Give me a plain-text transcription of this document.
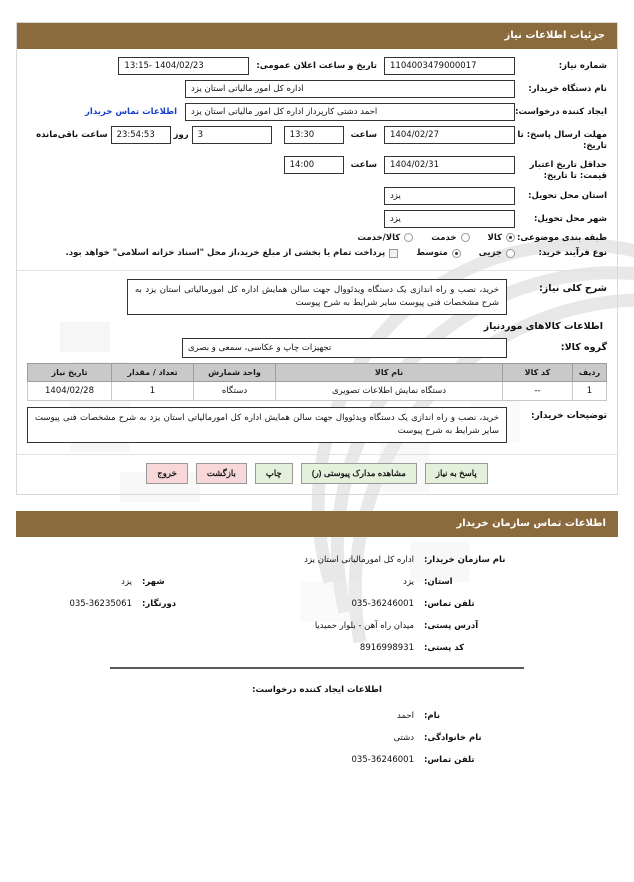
جزئیات اطلاعات نیاز
شماره نیاز:
1104003479000017
تاریخ و ساعت اعلان عمومی:
1404/02/23 -13:15
نام دستگاه خریدار:
اداره کل امور مالیاتی استان یزد
ایجاد کننده درخواست:
احمد دشتی کارپرداز اداره کل امور مالیاتی استان یزد
اطلاعات تماس خریدار
مهلت ارسال پاسخ: تا تاریخ:
1404/02/27
ساعت
13:30
3
روز
23:54:53
ساعت باقی‌مانده
حداقل تاریخ اعتبار قیمت: تا تاریخ:
1404/02/31
ساعت
14:00
استان محل تحویل:
یزد
شهر محل تحویل:
یزد
طبقه بندی موضوعی:
کالا
خدمت
کالا/خدمت
نوع فرآیند خرید:
جزیی
متوسط
پرداخت تمام یا بخشی از مبلغ خرید،از محل "اسناد خزانه اسلامی" خواهد بود.
شرح کلی نیاز:
خرید، نصب و راه اندازی یک دستگاه ویدئووال جهت سالن همایش اداره کل امورمالیاتی استان یزد به شرح مشخصات فنی پیوست سایر شرایط به شرح پیوست
اطلاعات کالاهای موردنیاز
گروه کالا:
تجهیزات چاپ و عکاسی، سمعی و بصری
ردیف	کد کالا	نام کالا	واحد شمارش	تعداد / مقدار	تاریخ نیاز
1	--	دستگاه نمایش اطلاعات تصویری	دستگاه	1	1404/02/28
توضیحات خریدار:
خرید، نصب و راه اندازی یک دستگاه ویدئووال جهت سالن همایش اداره کل امورمالیاتی استان یزد به شرح مشخصات فنی پیوست سایر شرایط به شرح پیوست
پاسخ به نیاز
مشاهده مدارک پیوستی (ر)
چاپ
بازگشت
خروج
اطلاعات تماس سازمان خریدار
نام سازمان خریدار:
اداره کل امورمالیاتی استان یزد
استان:
یزد
شهر:
یزد
تلفن تماس:
035-36246001
دورنگار:
035-36235061
آدرس پستی:
میدان راه آهن - بلوار حمیدیا
کد پستی:
8916998931
اطلاعات ایجاد کننده درخواست:
نام:
احمد
نام خانوادگی:
دشتی
تلفن تماس:
035-36246001
